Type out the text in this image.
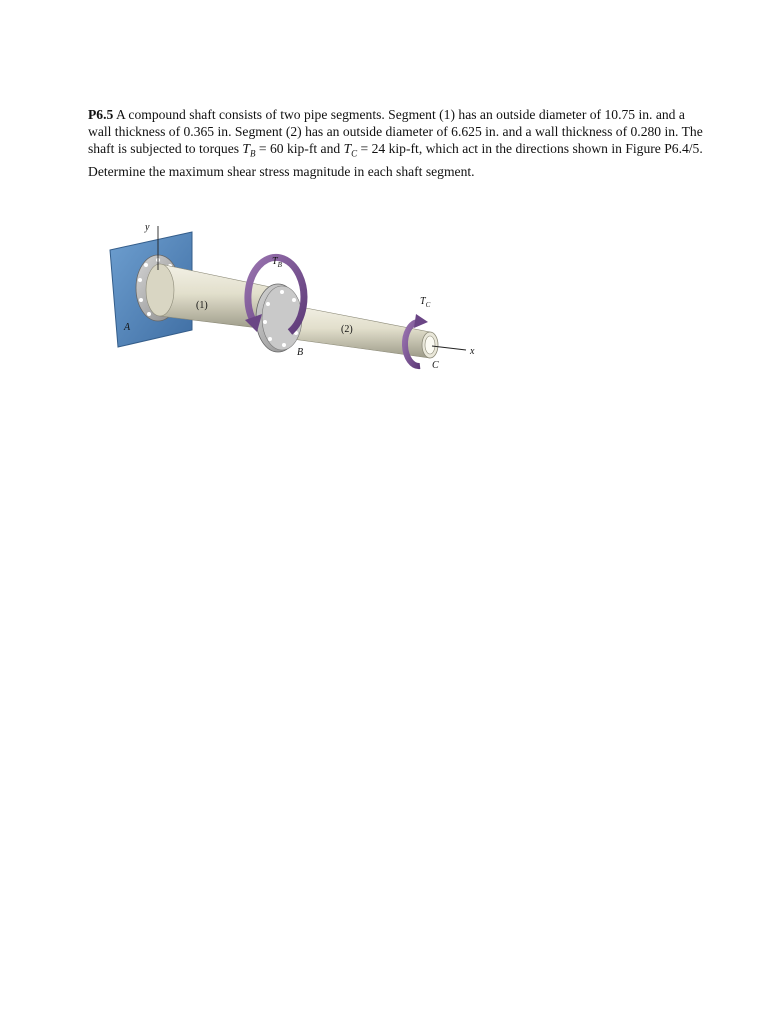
P6.5 A compound shaft consists of two pipe segments. Segment (1) has an outside diameter of 10.75 in. and a wall thickness of 0.365 in. Segment (2) has an outside diameter of 6.625 in. and a wall thickness of 0.280 in. The shaft is subjected to torques $T_B = 60$ kip-ft and $T_C = 24$ kip-ft, which act in the directions shown in Figure P6.4/5. Determine the maximum shear stress magnitude in each shaft segment.
y
x
A
B
C
(1)
(2)
$T_B$
$T_C$
